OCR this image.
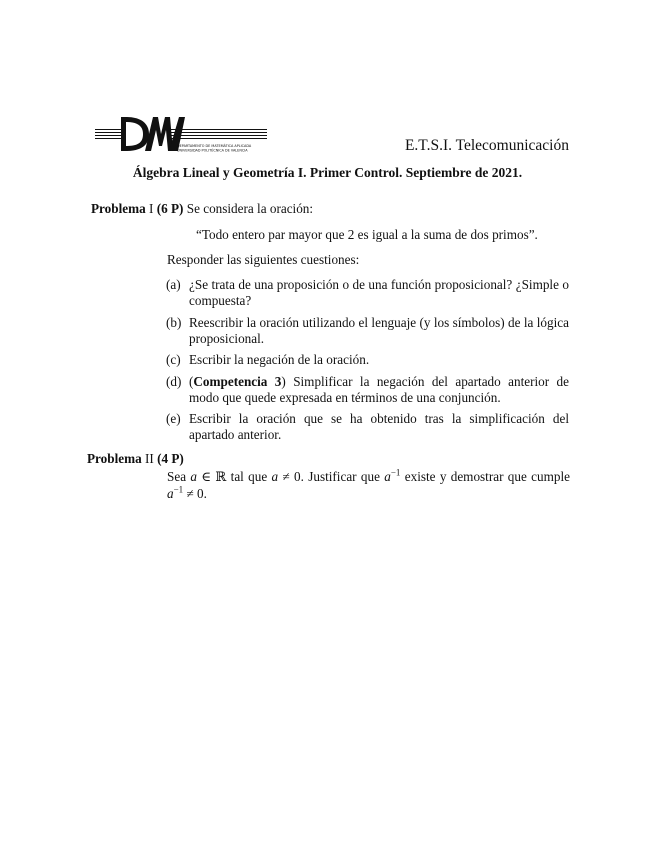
DEPARTAMENTO DE MATEMÁTICA APLICADA
UNIVERSIDAD POLITÉCNICA DE VALENCIA
DMA
E.T.S.I. Telecomunicación
Álgebra Lineal y Geometría I. Primer Control. Septiembre de 2021.
Problema I (6 P) Se considera la oración:
“Todo entero par mayor que 2 es igual a la suma de dos primos”.
Responder las siguientes cuestiones:
(a) ¿Se trata de una proposición o de una función proposicional? ¿Simple o compuesta?
(b) Reescribir la oración utilizando el lenguaje (y los símbolos) de la lógica proposicional.
(c) Escribir la negación de la oración.
(d) (Competencia 3) Simplificar la negación del apartado anterior de modo que quede expresada en términos de una conjunción.
(e) Escribir la oración que se ha obtenido tras la simplificación del apartado anterior.
Problema II (4 P)
Sea a ∈ ℝ tal que a ≠ 0. Justificar que $a^{-1}$ existe y demostrar que cumple $a^{-1} \ne 0$.
